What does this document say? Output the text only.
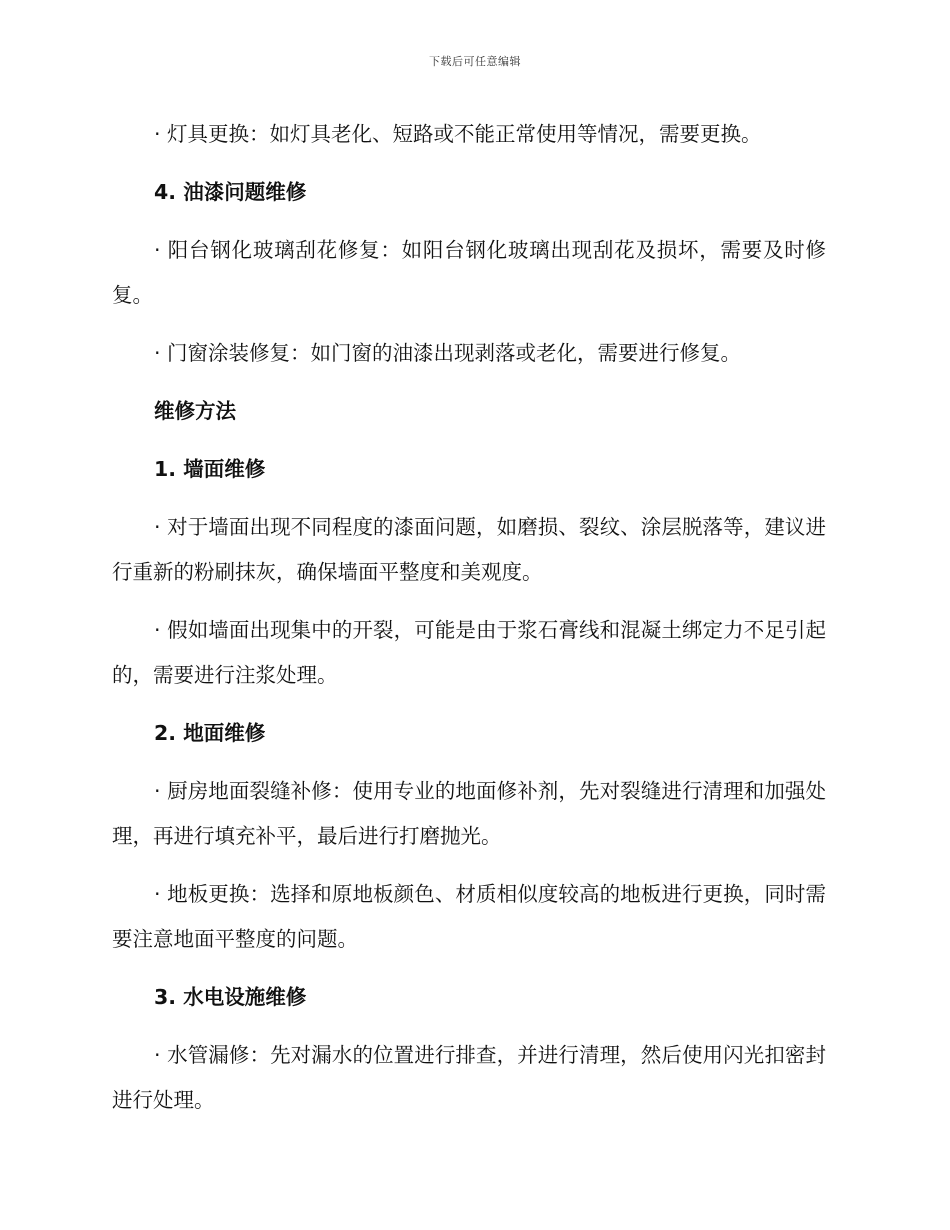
下载后可任意编辑
· 灯具更换：如灯具老化、短路或不能正常使用等情况，需要更换。
4. 油漆问题维修
· 阳台钢化玻璃刮花修复：如阳台钢化玻璃出现刮花及损坏，需要及时修复。
· 门窗涂装修复：如门窗的油漆出现剥落或老化，需要进行修复。
维修方法
1. 墙面维修
· 对于墙面出现不同程度的漆面问题，如磨损、裂纹、涂层脱落等，建议进行重新的粉刷抹灰，确保墙面平整度和美观度。
· 假如墙面出现集中的开裂，可能是由于浆石膏线和混凝土绑定力不足引起的，需要进行注浆处理。
2. 地面维修
· 厨房地面裂缝补修：使用专业的地面修补剂，先对裂缝进行清理和加强处理，再进行填充补平，最后进行打磨抛光。
· 地板更换：选择和原地板颜色、材质相似度较高的地板进行更换，同时需要注意地面平整度的问题。
3. 水电设施维修
· 水管漏修：先对漏水的位置进行排查，并进行清理，然后使用闪光扣密封进行处理。
